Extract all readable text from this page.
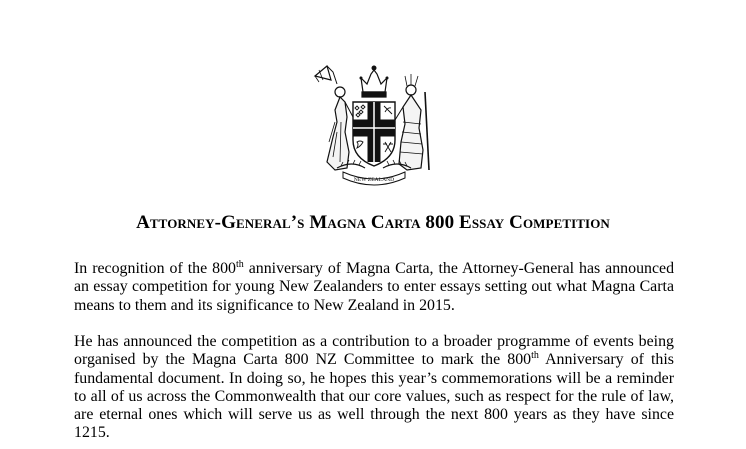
NEW ZEALAND
Attorney-General’s Magna Carta 800 Essay Competition

In recognition of the 800th anniversary of Magna Carta, the Attorney-General has announced an essay competition for young New Zealanders to enter essays setting out what Magna Carta means to them and its significance to New Zealand in 2015.

He has announced the competition as a contribution to a broader programme of events being organised by the Magna Carta 800 NZ Committee to mark the 800th Anniversary of this fundamental document. In doing so, he hopes this year’s commemorations will be a reminder to all of us across the Commonwealth that our core values, such as respect for the rule of law, are eternal ones which will serve us as well through the next 800 years as they have since 1215.
